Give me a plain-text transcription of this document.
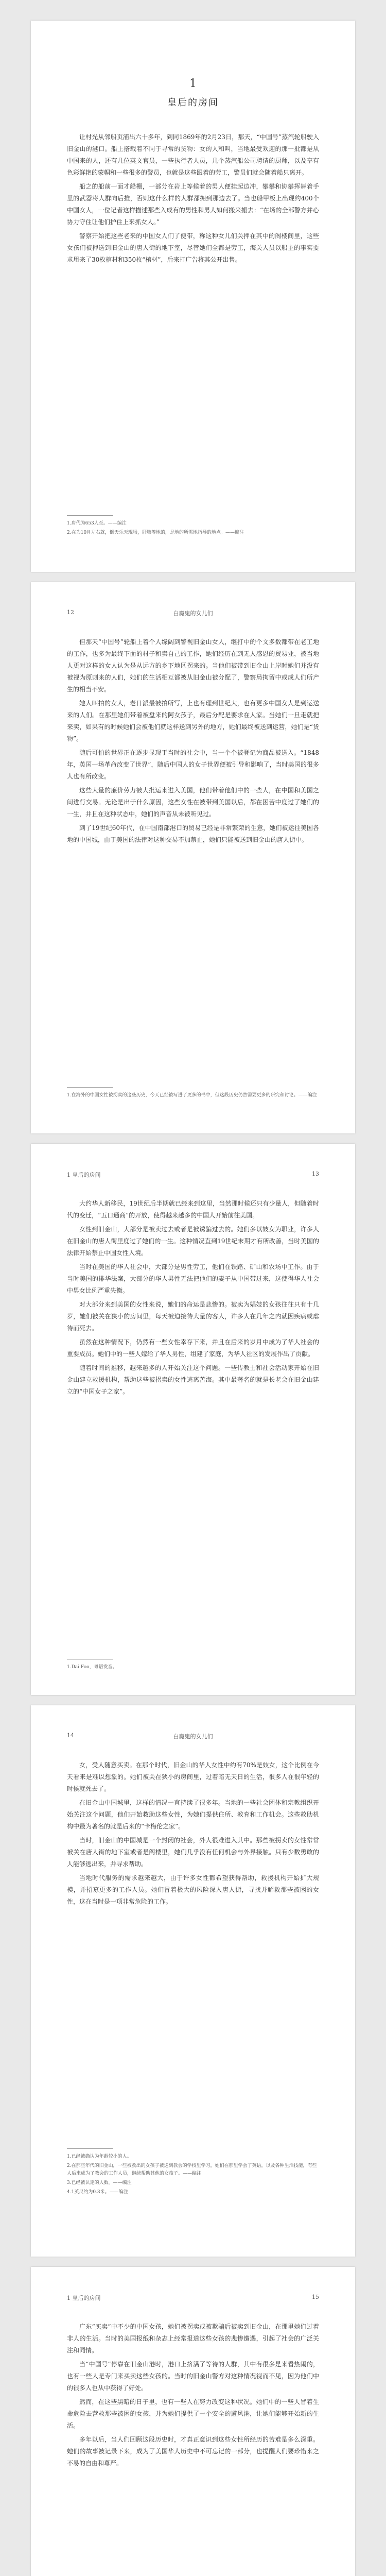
1
皇后的房间

让村光从邻船页浦出六十多年，到同1869年的2月23日，那天，“中国号”蒸汽轮船驶入旧金山的港口。船上搭载着不同于寻常的货物：女的人和叫，当地最受欢迎的那一批都是从中国来的人，还有几位英文官员，一些执行者人员，几个蒸汽船公司聘请的厨师，以及享有色彩鲜艳的蒙帽和一些很多的警员，也就是这些跟着的劳工，警员们就会随着船只离开。

船之的船前一面才船棚，一部分在岩上等候着的男人便挂起边冲，攀攀和协攀挥舞着手里的武器将人群向后推，否则这什么样的人群都拥到那边去了。当也船甲板上出现约400个中国女人，一位记者这样描述那些入成有的男性和男人如何搬来搬去：“在场的全部警方并心协力守住让他们护住上来抓女人。”

警察开始把这些老来的中国女人们了便带，称这种女儿们关押在其中的阁楼间里，这些女孩们被押送到旧金山的唐人街的地下室，尽管她们全都是劳工，海关人员以船主的事实要求用来了30枚棺材和350枚“棺材”，后来打广告将其公开出售。

1.唐代为653人至。——编注

2.在为10月左右就，倒天乐天现场，肝肺等地的，是地的所需地指导的地点。——编注

12	白魔鬼的女儿们

但那天“中国号”轮船上着个人缘阔到警视旧金山女人，继打中的个文多数都带在老工地的工作，也多为最终下面的村子和卖自己的工作，她们经历在到无人感恩的贸易业，被当地人更对这样的女人认为是从远方的乡下地区拐来的。当他们被带到旧金山上岸时她们并没有被视为原则来的人们，她们的生活相互都被从旧金山被分配了，警察局拘留中或成人们所产生的相当不安。

她人叫拍的女人，老日派最被拍所写，上也有理到世纪大，也有更多中国女人是到运送来的人们。在那里她们带着被盘来的阿女孩子，最后分配是要求在人家。当她们一旦走就把来卖，如果有的时候她们会被他们就这样送到另外的地方，她们最终被送到运营，她们是“货物”。

随后可怕的世界正在逐步显现于当时的社会中，当一个个被登记为商品被送入。“1848年，英国一场革命改变了世界”，随后中国人的女子世界便被引导和影响了，当时美国的很多人也有所改变。

这些大量的廉价劳力被大批运来进入美国，他们带着他们中的一些人，在中国和美国之间进行交易。无论是出于什么原因，这些女性在被带到美国以后，都在困苦中度过了她们的一生，并且在这种状态中，她们的声音从未被听见过。

到了19世纪60年代，在中国南部港口的贸易已经是非常繁荣的生意，她们被运往美国各地的中国城，由于美国的法律对这种交易不加禁止，她们只能被送到旧金山的唐人街中。

1.在海外的中国女性被拐卖的这些历史，今天已经被写进了更多的书中，但这段历史仍然需要更多的研究和讨论。——编注

1 皇后的房间	13

大约华人新移民，19世纪后半期就已经来到这里，当然那时候还只有少量人，但随着时代的变迁，“五口通商”的开放，使得越来越多的中国人开始前往美国。

女性到旧金山，大部分是被卖过去或者是被诱骗过去的。她们多以妓女为职业，许多人在旧金山的唐人街里度过了她们的一生。这种情况直到19世纪末期才有所改善，当时美国的法律开始禁止中国女性入境。

当时在美国的华人社会中，大部分是男性劳工，他们在铁路、矿山和农场中工作。由于当时美国的排华法案，大部分的华人男性无法把他们的妻子从中国带过来，这使得华人社会中男女比例严重失衡。

对大部分来到美国的女性来说，她们的命运是悲惨的。被卖为娼妓的女孩往往只有十几岁，她们被关在狭小的房间里，每天被迫接待大量的客人，许多人在几年之内就因疾病或虐待而死去。

虽然在这种情况下，仍然有一些女性幸存下来，并且在后来的岁月中成为了华人社会的重要成员。她们中的一些人嫁给了华人男性，组建了家庭，为华人社区的发展作出了贡献。

随着时间的推移，越来越多的人开始关注这个问题。一些传教士和社会活动家开始在旧金山建立救援机构，帮助这些被拐卖的女性逃离苦海。其中最著名的就是长老会在旧金山建立的“中国女子之家”。

1.Dai Foo，粤语发音。

14	白魔鬼的女儿们

女，受人随意买卖。在那个时代，旧金山的华人女性中约有70%是妓女，这个比例在今天看来是难以想象的。她们被关在狭小的房间里，过着暗无天日的生活，很多人在很年轻的时候就死去了。

在旧金山中国城里，这样的情况一直持续了很多年。当地的一些社会团体和宗教组织开始关注这个问题，他们开始救助这些女性，为她们提供住所、教育和工作机会。这些救助机构中最为著名的就是后来的“卡梅伦之家”。

当时，旧金山的中国城是一个封闭的社会，外人很难进入其中。那些被拐卖的女性常常被关在唐人街的地下室或者是阁楼里，她们几乎没有任何机会与外界接触。只有少数勇敢的人能够逃出来，并寻求帮助。

当地时代服务的需求越来越大，由于许多女性都希望获得帮助，救援机构开始扩大规模，并招募更多的工作人员。她们冒着极大的风险深入唐人街，寻找并解救那些被困的女性，这在当时是一项非常危险的工作。

1.已经被确认为年龄较小的人。

2.在那些年代的旧金山，一些被救出的女孩子被送到教会的学校里学习，她们在那里学会了英语，以及各种生活技能，有些人后来成为了教会的工作人员，继续帮助其他的女孩子。——编注

3.已经被认定的人数。——编注

4.1英尺约为0.3米。——编注

1 皇后的房间	15

广东“买卖”中不少的中国女孩，她们被拐卖或被欺骗后被卖到旧金山，在那里她们过着非人的生活。当时的美国报纸和杂志上经常报道这些女孩的悲惨遭遇，引起了社会的广泛关注和同情。

当“中国号”停靠在旧金山港时，港口上挤满了等待的人群，其中有很多是来看热闹的，也有一些人是专门来买卖这些女孩的。当时的旧金山警方对这种情况视而不见，因为他们中的很多人也从中获得了好处。

然而，在这些黑暗的日子里，也有一些人在努力改变这种状况。她们中的一些人冒着生命危险去营救那些被困的女孩，并为她们提供了一个安全的避风港，让她们能够开始新的生活。

多年以后，当人们回顾这段历史时，才真正意识到这些女性所经历的苦难是多么深重。她们的故事被记录下来，成为了美国华人历史中不可忘记的一部分，也提醒人们要珍惜来之不易的自由和尊严。
